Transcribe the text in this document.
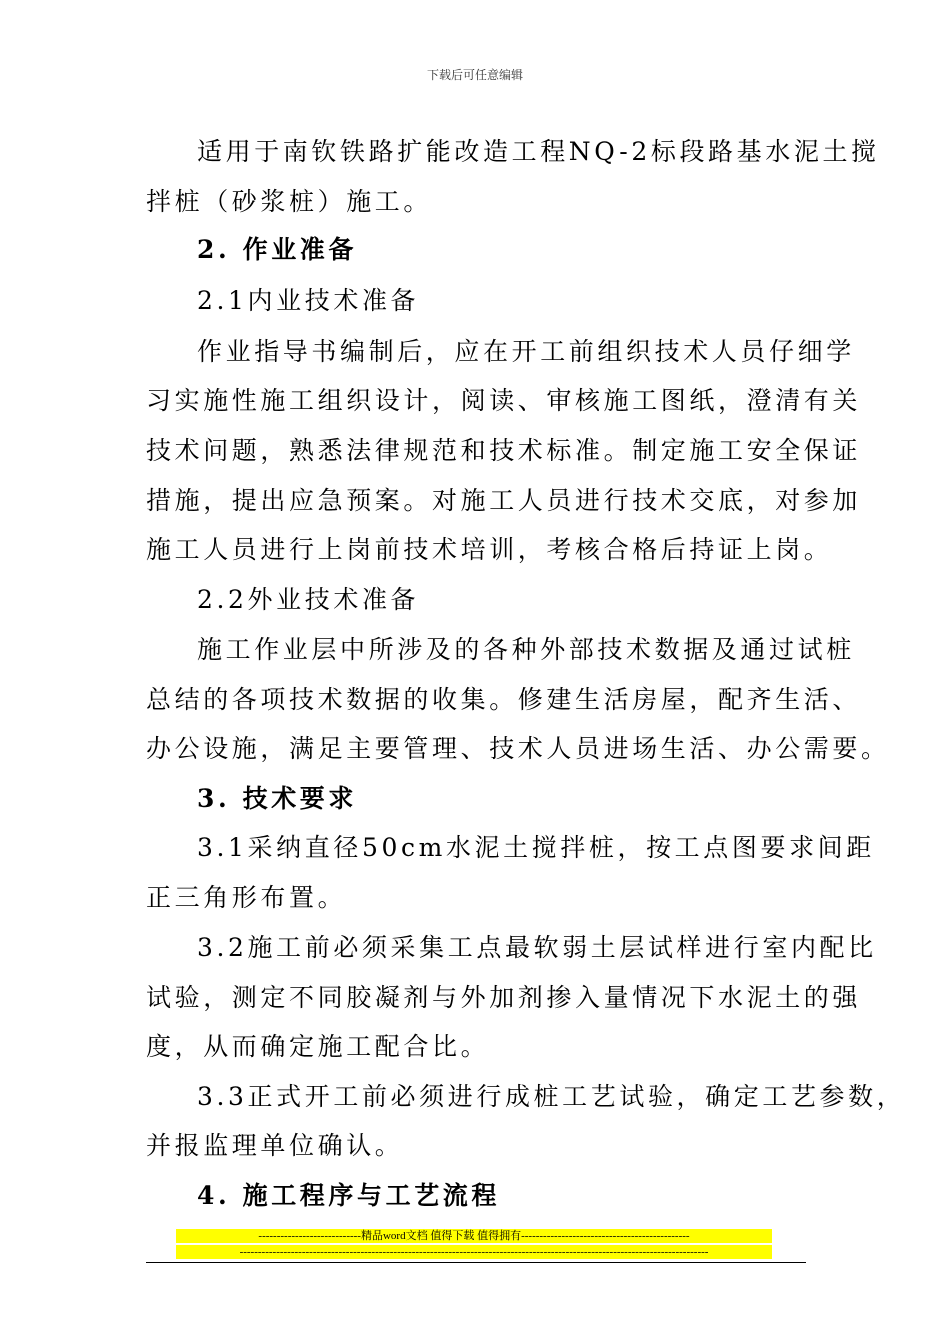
下载后可任意编辑
适用于南钦铁路扩能改造工程NQ-2标段路基水泥土搅
拌桩（砂浆桩）施工。
2. 作业准备
2.1内业技术准备
作业指导书编制后，应在开工前组织技术人员仔细学
习实施性施工组织设计，阅读、审核施工图纸，澄清有关
技术问题，熟悉法律规范和技术标准。制定施工安全保证
措施，提出应急预案。对施工人员进行技术交底，对参加
施工人员进行上岗前技术培训，考核合格后持证上岗。
2.2外业技术准备
施工作业层中所涉及的各种外部技术数据及通过试桩
总结的各项技术数据的收集。修建生活房屋，配齐生活、
办公设施，满足主要管理、技术人员进场生活、办公需要。
3. 技术要求
3.1采纳直径50cm水泥土搅拌桩，按工点图要求间距
正三角形布置。
3.2施工前必须采集工点最软弱土层试样进行室内配比
试验，测定不同胶凝剂与外加剂掺入量情况下水泥土的强
度，从而确定施工配合比。
3.3正式开工前必须进行成桩工艺试验，确定工艺参数，
并报监理单位确认。
4. 施工程序与工艺流程
----------------------------精品word文档 值得下载 值得拥有----------------------------------------------
--------------------------------------------------------------------------------------------------------------------------------
